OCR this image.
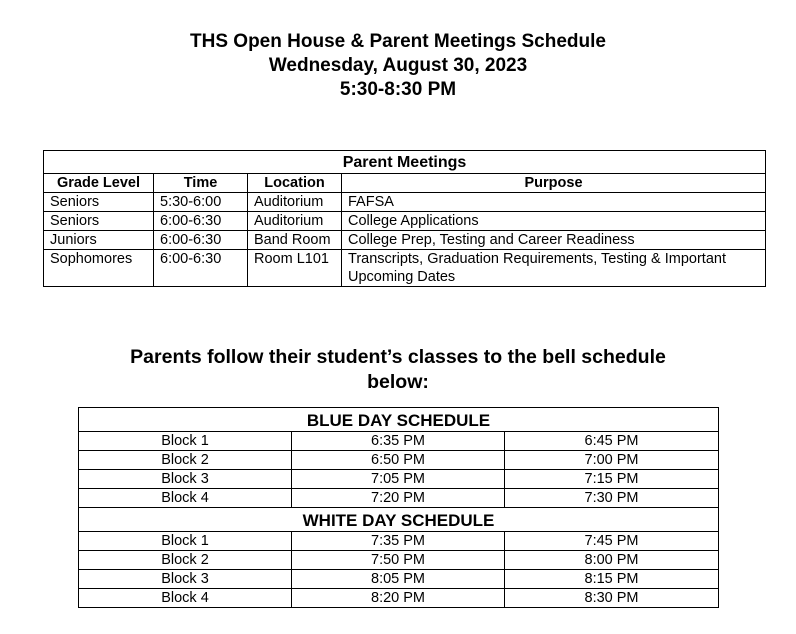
THS Open House & Parent Meetings Schedule
Wednesday, August 30, 2023
5:30-8:30 PM
Parent Meetings			
Grade Level	Time	Location	Purpose
Seniors	5:30-6:00	Auditorium	FAFSA
Seniors	6:00-6:30	Auditorium	College Applications
Juniors	6:00-6:30	Band Room	College Prep, Testing and Career Readiness
Sophomores	6:00-6:30	Room L101	Transcripts, Graduation Requirements, Testing & Important Upcoming Dates
Parents follow their student’s classes to the bell schedule below:
BLUE DAY SCHEDULE		
Block 1	6:35 PM	6:45 PM
Block 2	6:50 PM	7:00 PM
Block 3	7:05 PM	7:15 PM
Block 4	7:20 PM	7:30 PM
WHITE DAY SCHEDULE		
Block 1	7:35 PM	7:45 PM
Block 2	7:50 PM	8:00 PM
Block 3	8:05 PM	8:15 PM
Block 4	8:20 PM	8:30 PM
